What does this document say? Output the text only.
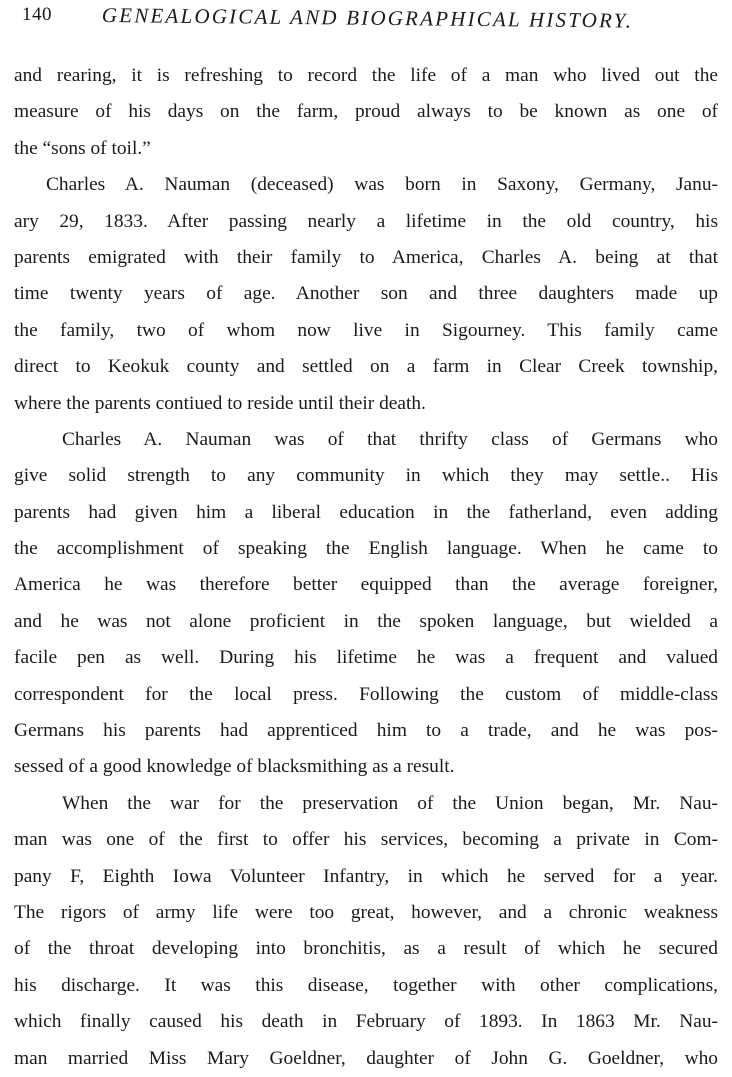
140 GENEALOGICAL AND BIOGRAPHICAL HISTORY.
and rearing, it is refreshing to record the life of a man who lived out the
measure of his days on the farm, proud always to be known as one of
the “sons of toil.”
Charles A. Nauman (deceased) was born in Saxony, Germany, Janu-
ary 29, 1833. After passing nearly a lifetime in the old country, his
parents emigrated with their family to America, Charles A. being at that
time twenty years of age. Another son and three daughters made up
the family, two of whom now live in Sigourney. This family came
direct to Keokuk county and settled on a farm in Clear Creek township,
where the parents contiued to reside until their death.
Charles A. Nauman was of that thrifty class of Germans who
give solid strength to any community in which they may settle.. His
parents had given him a liberal education in the fatherland, even adding
the accomplishment of speaking the English language. When he came to
America he was therefore better equipped than the average foreigner,
and he was not alone proficient in the spoken language, but wielded a
facile pen as well. During his lifetime he was a frequent and valued
correspondent for the local press. Following the custom of middle-class
Germans his parents had apprenticed him to a trade, and he was pos-
sessed of a good knowledge of blacksmithing as a result.
When the war for the preservation of the Union began, Mr. Nau-
man was one of the first to offer his services, becoming a private in Com-
pany F, Eighth Iowa Volunteer Infantry, in which he served for a year.
The rigors of army life were too great, however, and a chronic weakness
of the throat developing into bronchitis, as a result of which he secured
his discharge. It was this disease, together with other complications,
which finally caused his death in February of 1893. In 1863 Mr. Nau-
man married Miss Mary Goeldner, daughter of John G. Goeldner, who
